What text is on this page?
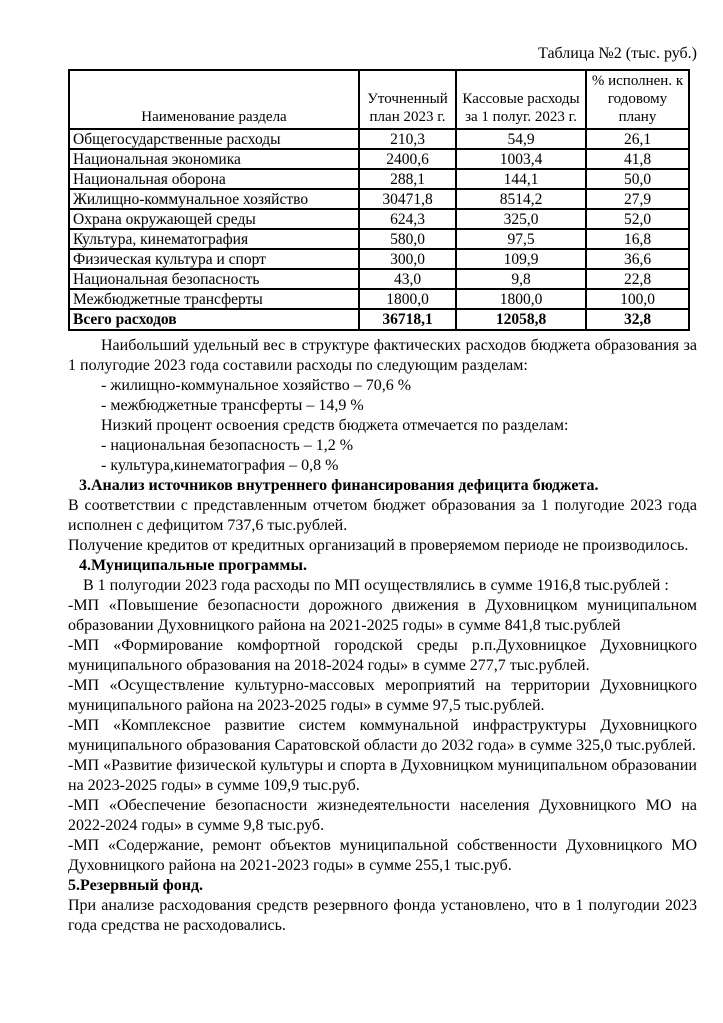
Таблица №2 (тыс. руб.)
Наименование раздела	Уточненный план 2023 г.	Кассовые расходы за 1 полуг. 2023 г.	% исполнен. к годовому плану
Общегосударственные расходы	210,3	54,9	26,1
Национальная экономика	2400,6	1003,4	41,8
Национальная оборона	288,1	144,1	50,0
Жилищно-коммунальное хозяйство	30471,8	8514,2	27,9
Охрана окружающей среды	624,3	325,0	52,0
Культура, кинематография	580,0	97,5	16,8
Физическая культура и спорт	300,0	109,9	36,6
Национальная безопасность	43,0	9,8	22,8
Межбюджетные трансферты	1800,0	1800,0	100,0
Всего расходов	36718,1	12058,8	32,8

Наибольший удельный вес в структуре фактических расходов бюджета образования за 1 полугодие 2023 года составили расходы по следующим разделам:

- жилищно-коммунальное хозяйство – 70,6 %

- межбюджетные трансферты – 14,9 %

Низкий процент освоения средств бюджета отмечается по разделам:

- национальная безопасность – 1,2 %

- культура,кинематография – 0,8 %

3.Анализ источников внутреннего финансирования дефицита бюджета.

В соответствии с представленным отчетом бюджет образования за 1 полугодие 2023 года исполнен с дефицитом 737,6 тыс.рублей.

Получение кредитов от кредитных организаций в проверяемом периоде не производилось.

4.Муниципальные программы.

В 1 полугодии 2023 года расходы по МП осуществлялись в сумме 1916,8 тыс.рублей :

-МП «Повышение безопасности дорожного движения в Духовницком муниципальном образовании Духовницкого района на 2021-2025 годы» в сумме 841,8 тыс.рублей

-МП «Формирование комфортной городской среды р.п.Духовницкое Духовницкого муниципального образования на 2018-2024 годы» в сумме 277,7 тыс.рублей.

-МП «Осуществление культурно-массовых мероприятий на территории Духовницкого муниципального района на 2023-2025 годы» в сумме 97,5 тыс.рублей.

-МП «Комплексное развитие систем коммунальной инфраструктуры Духовницкого муниципального образования Саратовской области до 2032 года» в сумме 325,0 тыс.рублей.

-МП «Развитие физической культуры и спорта в Духовницком муниципальном образовании на 2023-2025 годы» в сумме 109,9 тыс.руб.

-МП «Обеспечение безопасности жизнедеятельности населения Духовницкого МО на 2022-2024 годы» в сумме 9,8 тыс.руб.

-МП «Содержание, ремонт объектов муниципальной собственности Духовницкого МО Духовницкого района на 2021-2023 годы» в сумме 255,1 тыс.руб.

5.Резервный фонд.

При анализе расходования средств резервного фонда установлено, что в 1 полугодии 2023 года средства не расходовались.
